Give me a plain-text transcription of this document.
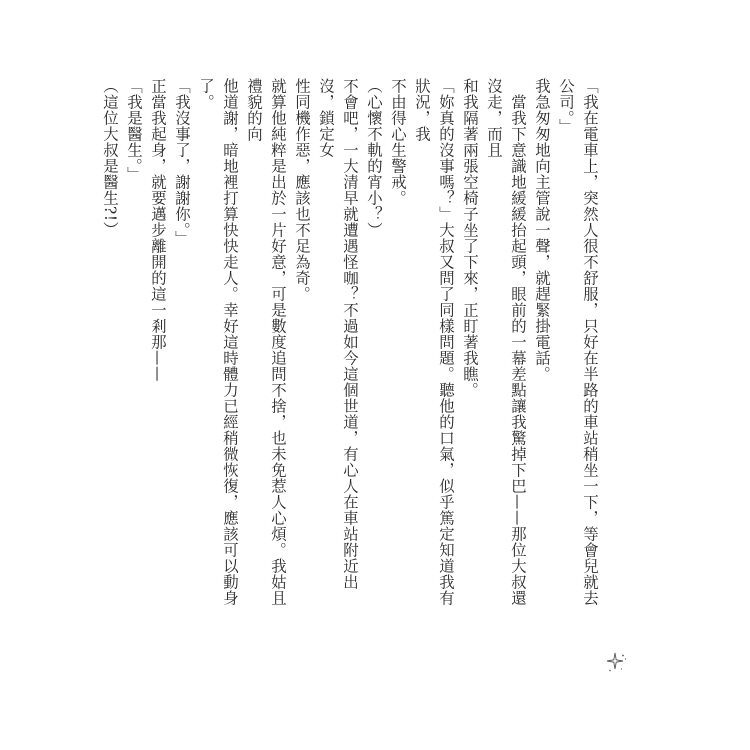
「我在電車上，突然人很不舒服，只好在半路的車站稍坐一下，等會兒就去公司。」
我急匆匆地向主管說一聲，就趕緊掛電話。
　當我下意識地緩緩抬起頭，眼前的一幕差點讓我驚掉下巴——那位大叔還沒走，而且
和我隔著兩張空椅子坐了下來，正盯著我瞧。
「妳真的沒事嗎？」大叔又問了同樣問題。聽他的口氣，似乎篤定知道我有狀況，我
不由得心生警戒。
（心懷不軌的宵小？）
不會吧，一大清早就遭遇怪咖？不過如今這個世道，有心人在車站附近出沒，鎖定女
性同機作惡，應該也不足為奇。
就算他純粹是出於一片好意，可是數度追問不捨，也未免惹人心煩。我姑且禮貌的向
他道謝，暗地裡打算快快走人。幸好這時體力已經稍微恢復，應該可以動身了。
「我沒事了，謝謝你。」
正當我起身，就要邁步離開的這一剎那——
「我是醫生。」
（這位大叔是醫生?!）
